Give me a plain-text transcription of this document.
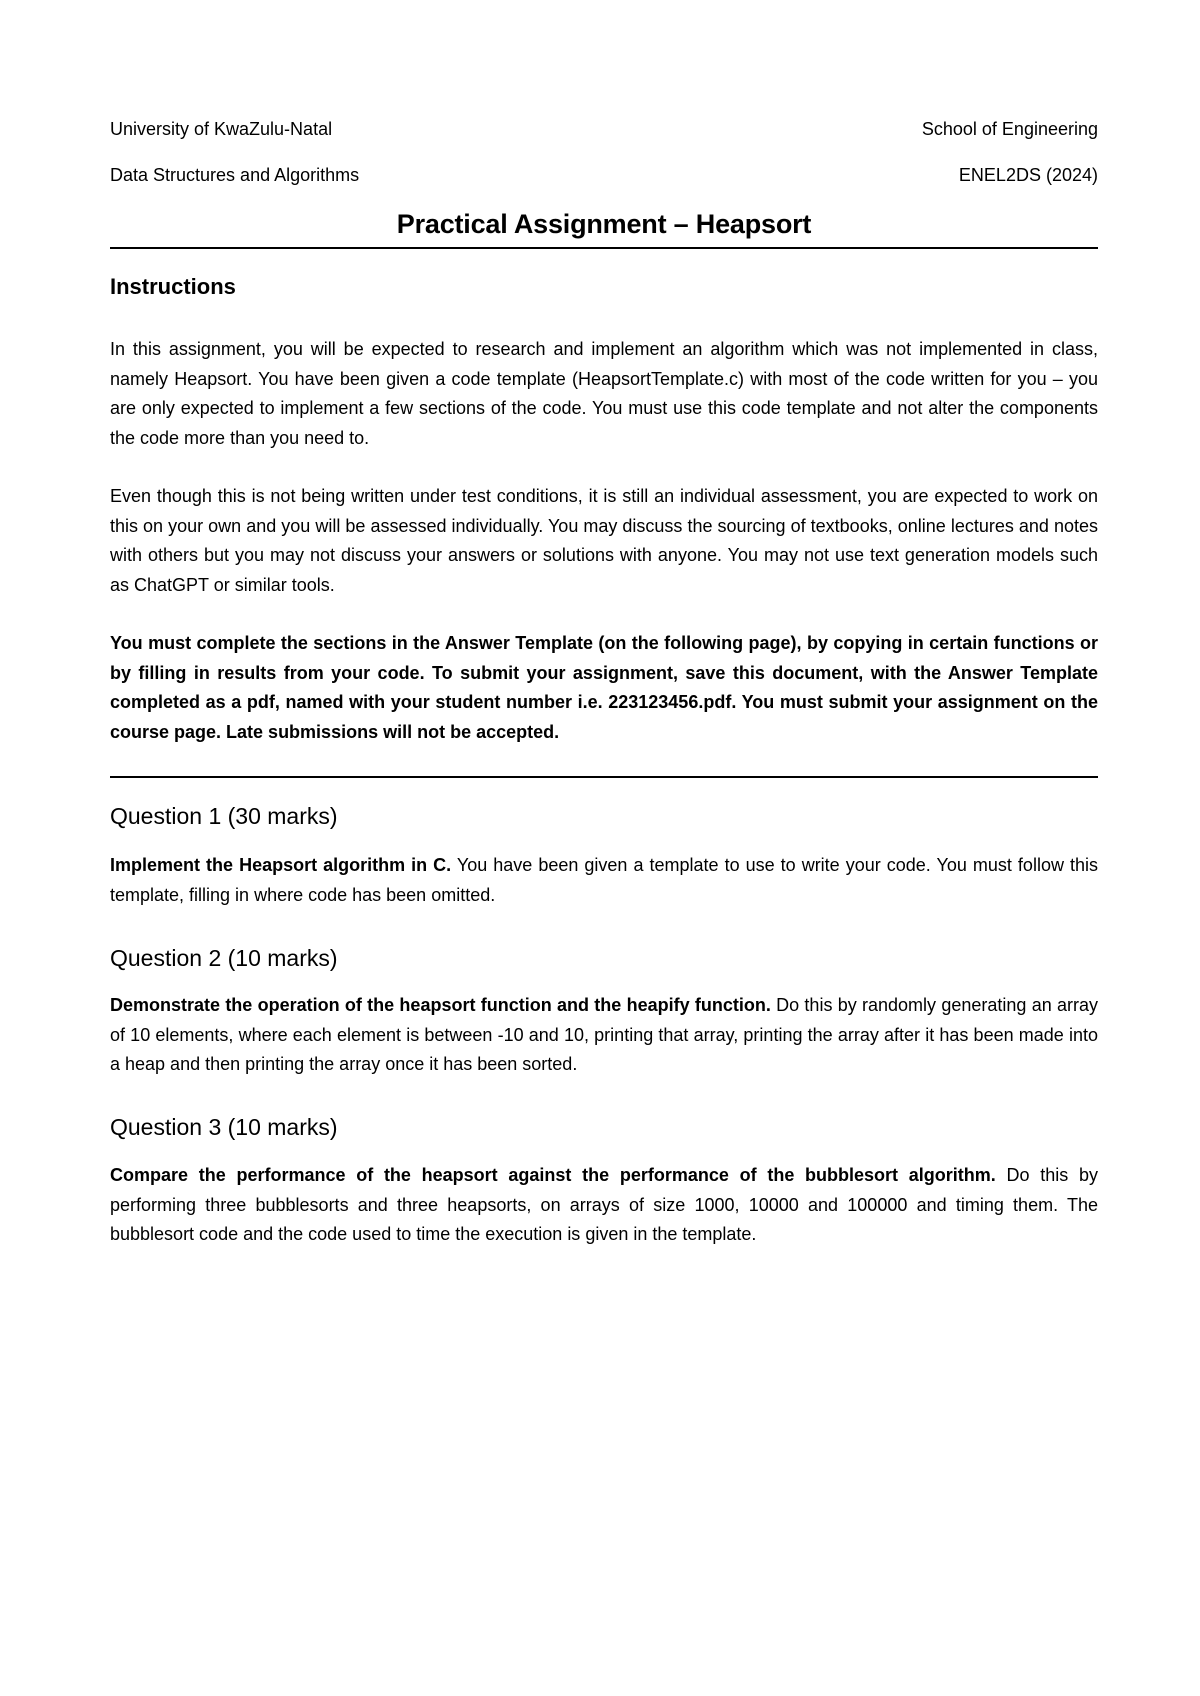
University of KwaZulu-Natal	School of Engineering
Data Structures and Algorithms	ENEL2DS (2024)
Practical Assignment – Heapsort
Instructions
In this assignment, you will be expected to research and implement an algorithm which was not implemented in class, namely Heapsort. You have been given a code template (HeapsortTemplate.c) with most of the code written for you – you are only expected to implement a few sections of the code. You must use this code template and not alter the components the code more than you need to.
Even though this is not being written under test conditions, it is still an individual assessment, you are expected to work on this on your own and you will be assessed individually. You may discuss the sourcing of textbooks, online lectures and notes with others but you may not discuss your answers or solutions with anyone. You may not use text generation models such as ChatGPT or similar tools.
You must complete the sections in the Answer Template (on the following page), by copying in certain functions or by filling in results from your code. To submit your assignment, save this document, with the Answer Template completed as a pdf, named with your student number i.e. 223123456.pdf. You must submit your assignment on the course page. Late submissions will not be accepted.
Question 1 (30 marks)
Implement the Heapsort algorithm in C. You have been given a template to use to write your code. You must follow this template, filling in where code has been omitted.
Question 2 (10 marks)
Demonstrate the operation of the heapsort function and the heapify function. Do this by randomly generating an array of 10 elements, where each element is between -10 and 10, printing that array, printing the array after it has been made into a heap and then printing the array once it has been sorted.
Question 3 (10 marks)
Compare the performance of the heapsort against the performance of the bubblesort algorithm. Do this by performing three bubblesorts and three heapsorts, on arrays of size 1000, 10000 and 100000 and timing them. The bubblesort code and the code used to time the execution is given in the template.
